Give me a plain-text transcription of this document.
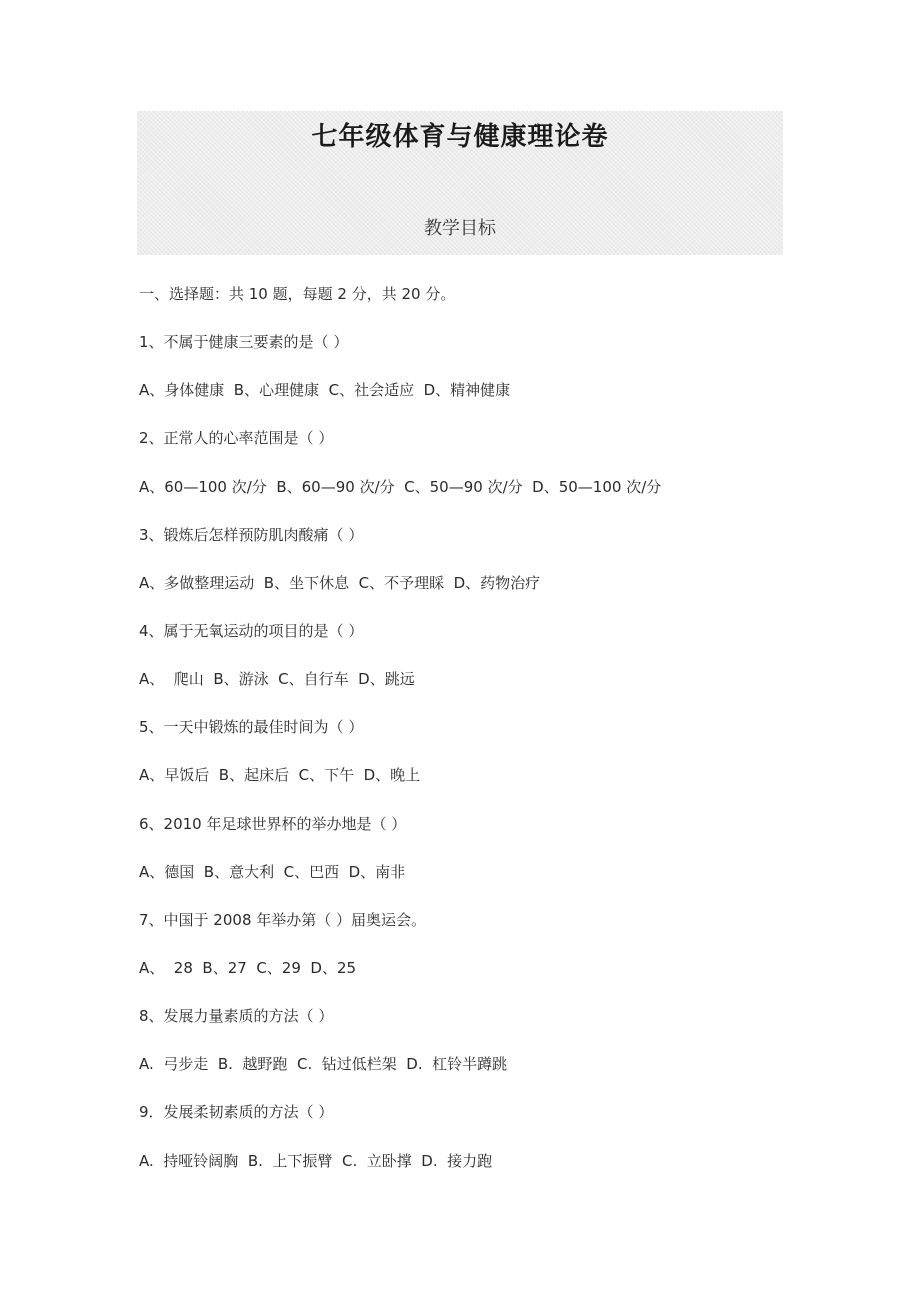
七年级体育与健康理论卷
教学目标
一、选择题：共 10 题，每题 2 分，共 20 分。
1、不属于健康三要素的是（ ）
A、身体健康  B、心理健康  C、社会适应  D、精神健康
2、正常人的心率范围是（ ）
A、60—100 次/分  B、60—90 次/分  C、50—90 次/分  D、50—100 次/分
3、锻炼后怎样预防肌肉酸痛（ ）
A、多做整理运动  B、坐下休息  C、不予理睬  D、药物治疗
4、属于无氧运动的项目的是（ ）
A、  爬山  B、游泳  C、自行车  D、跳远
5、一天中锻炼的最佳时间为（ ）
A、早饭后  B、起床后  C、下午  D、晚上
6、2010 年足球世界杯的举办地是（ ）
A、德国  B、意大利  C、巴西  D、南非
7、中国于 2008 年举办第（ ）届奥运会。
A、  28  B、27  C、29  D、25
8、发展力量素质的方法（ ）
A.  弓步走  B.  越野跑  C.  钻过低栏架  D.  杠铃半蹲跳
9．发展柔韧素质的方法（ ）
A.  持哑铃阔胸  B.  上下振臂  C.  立卧撑  D.  接力跑
